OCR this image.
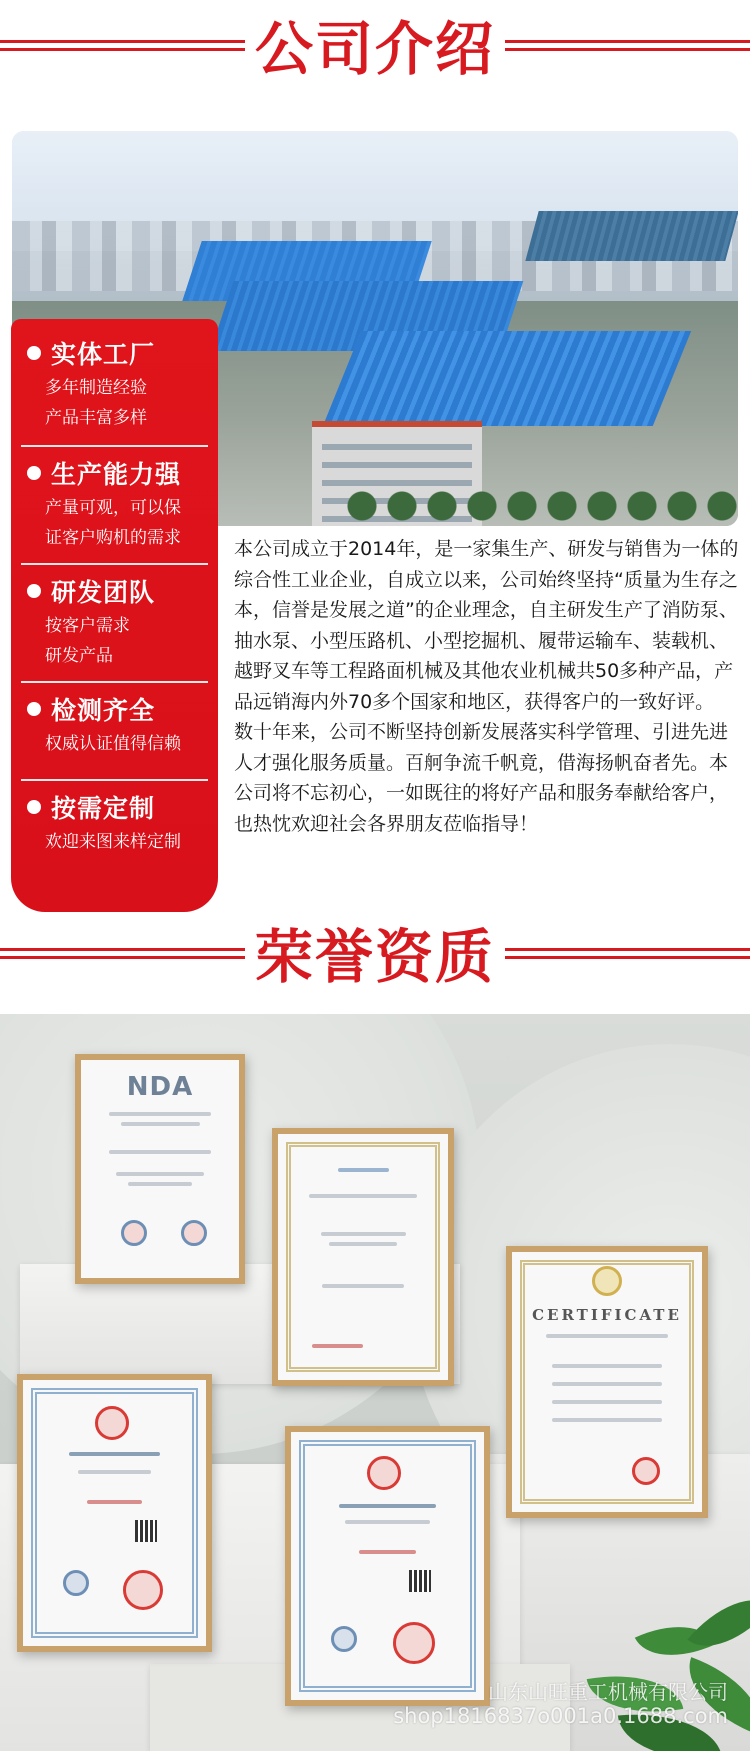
公司介绍
实体工厂
多年制造经验
产品丰富多样
生产能力强
产量可观，可以保
证客户购机的需求
研发团队
按客户需求
研发产品
检测齐全
权威认证值得信赖
按需定制
欢迎来图来样定制

本公司成立于2014年，是一家集生产、研发与销售为一体的综合性工业企业，自成立以来，公司始终坚持“质量为生存之本，信誉是发展之道”的企业理念，自主研发生产了消防泵、抽水泵、小型压路机、小型挖掘机、履带运输车、装载机、越野叉车等工程路面机械及其他农业机械共50多种产品，产品远销海内外70多个国家和地区，获得客户的一致好评。

数十年来，公司不断坚持创新发展落实科学管理、引进先进人才强化服务质量。百舸争流千帆竟，借海扬帆奋者先。本公司将不忘初心，一如既往的将好产品和服务奉献给客户，也热忱欢迎社会各界朋友莅临指导！

荣誉资质
NDA
CERTIFICATE
山东山旺重工机械有限公司
shop1816837o001a0.1688.com
